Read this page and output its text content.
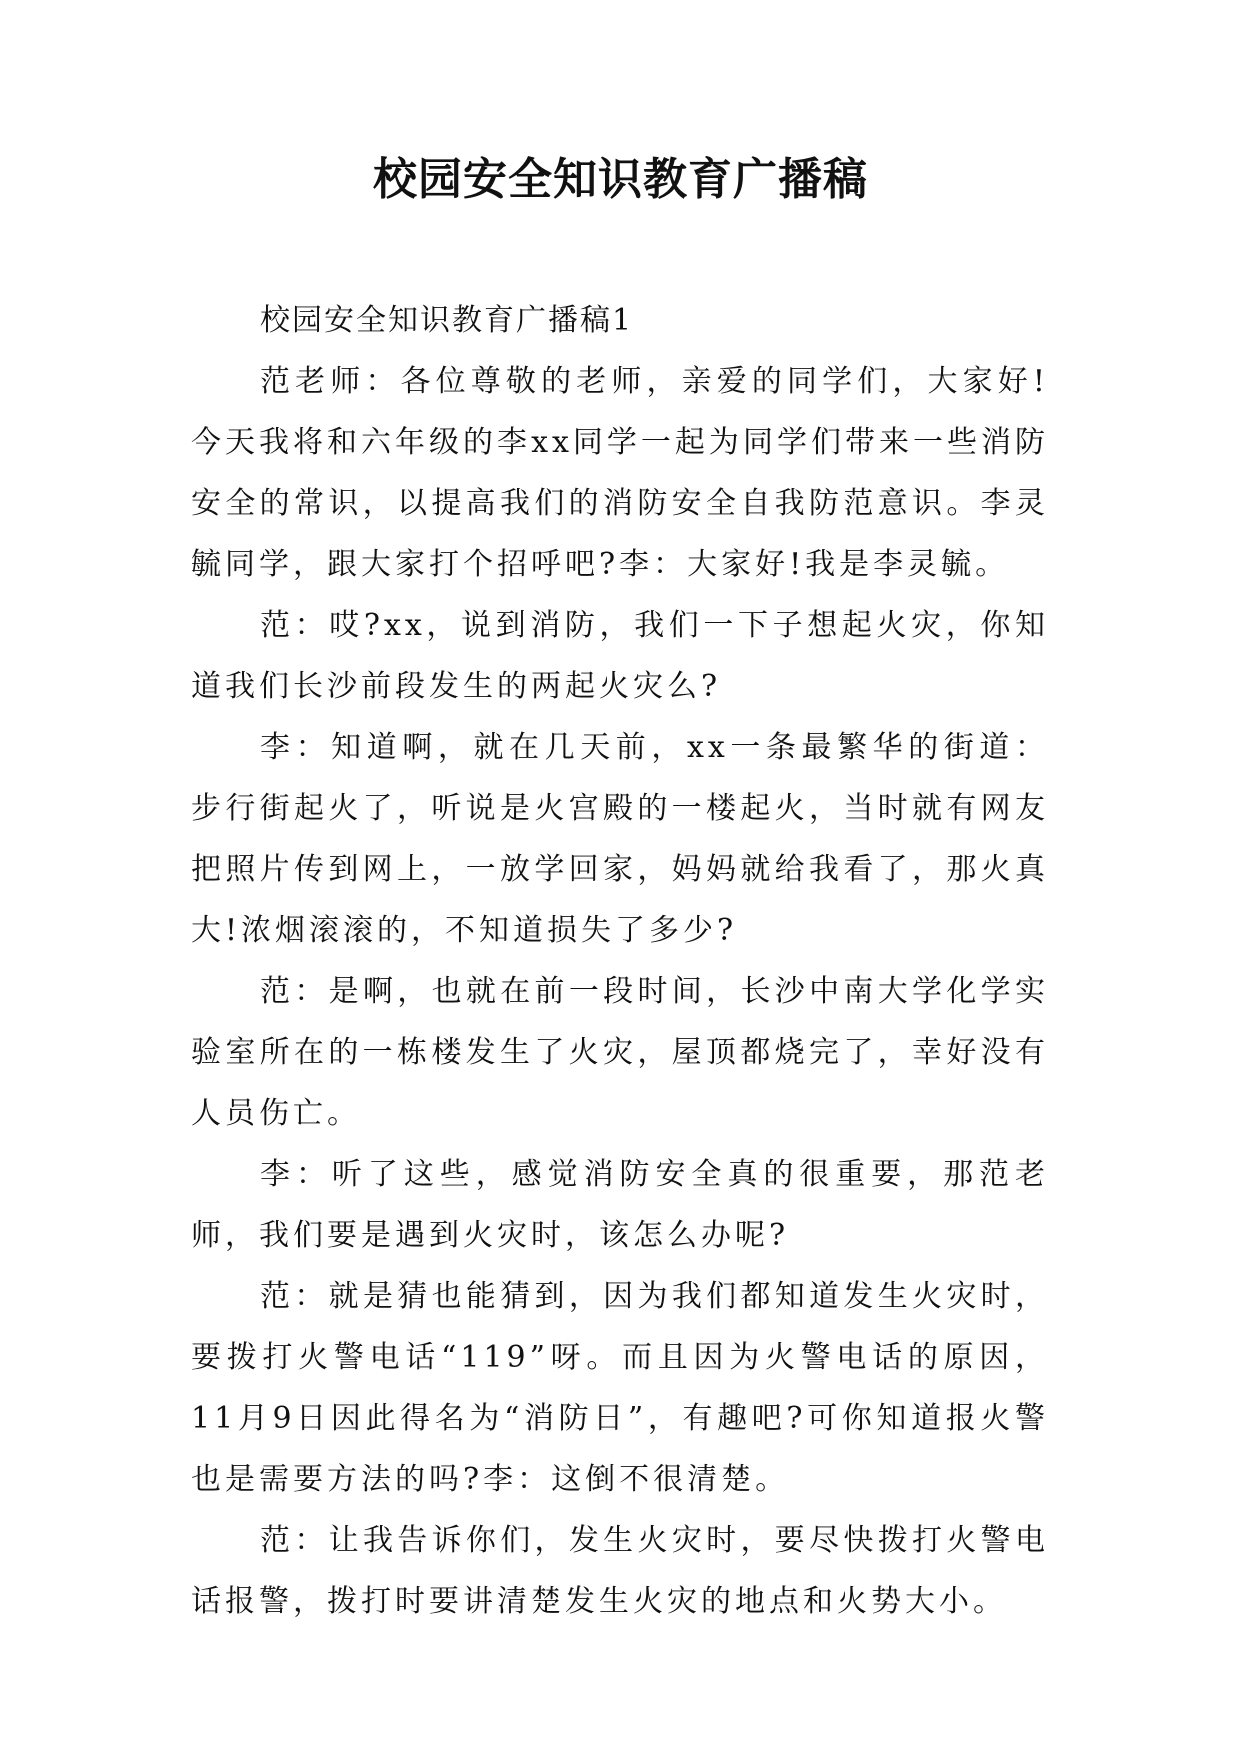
校园安全知识教育广播稿

校园安全知识教育广播稿1

范老师：各位尊敬的老师，亲爱的同学们，大家好!今天我将和六年级的李xx同学一起为同学们带来一些消防安全的常识，以提高我们的消防安全自我防范意识。李灵毓同学，跟大家打个招呼吧?李：大家好!我是李灵毓。

范：哎?xx，说到消防，我们一下子想起火灾，你知道我们长沙前段发生的两起火灾么?

李：知道啊，就在几天前，xx一条最繁华的街道：步行街起火了，听说是火宫殿的一楼起火，当时就有网友把照片传到网上，一放学回家，妈妈就给我看了，那火真大!浓烟滚滚的，不知道损失了多少?

范：是啊，也就在前一段时间，长沙中南大学化学实验室所在的一栋楼发生了火灾，屋顶都烧完了，幸好没有人员伤亡。

李：听了这些，感觉消防安全真的很重要，那范老师，我们要是遇到火灾时，该怎么办呢?

范：就是猜也能猜到，因为我们都知道发生火灾时，要拨打火警电话“119”呀。而且因为火警电话的原因，11月9日因此得名为“消防日”，有趣吧?可你知道报火警也是需要方法的吗?李：这倒不很清楚。

范：让我告诉你们，发生火灾时，要尽快拨打火警电话报警，拨打时要讲清楚发生火灾的地点和火势大小。
